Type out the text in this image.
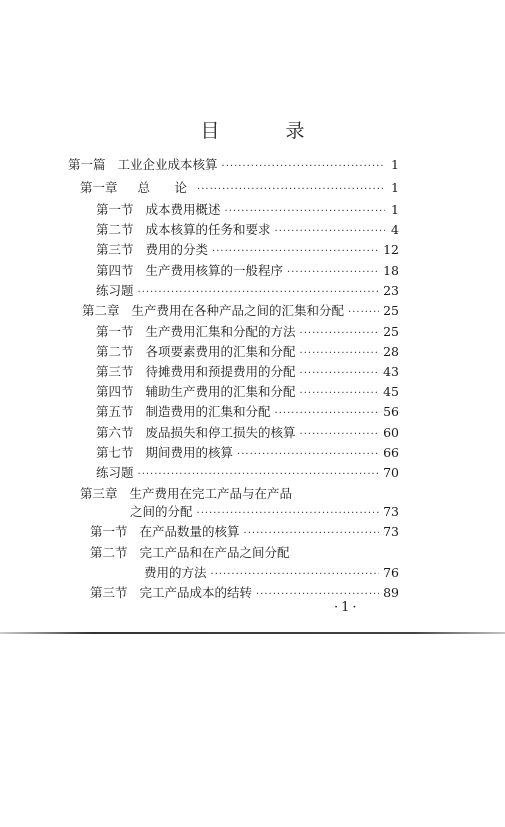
目 录
第一篇 工业企业成本核算 ·····	1
第一章 总　论 ·····	1
第一节 成本费用概述 ·····	1
第二节 成本核算的任务和要求 ·····	4
第三节 费用的分类 ·····	12
第四节 生产费用核算的一般程序 ·····	18
练习题 ·····	23
第二章 生产费用在各种产品之间的汇集和分配 ·····	25
第一节 生产费用汇集和分配的方法 ·····	25
第二节 各项要素费用的汇集和分配 ·····	28
第三节 待摊费用和预提费用的分配 ·····	43
第四节 辅助生产费用的汇集和分配 ·····	45
第五节 制造费用的汇集和分配 ·····	56
第六节 废品损失和停工损失的核算 ·····	60
第七节 期间费用的核算 ·····	66
练习题 ·····	70
第三章 生产费用在完工产品与在产品
之间的分配 ·····	73
第一节 在产品数量的核算 ·····	73
第二节 完工产品和在产品之间分配
费用的方法 ·····	76
第三节 完工产品成本的结转 ·····	89
·1·
